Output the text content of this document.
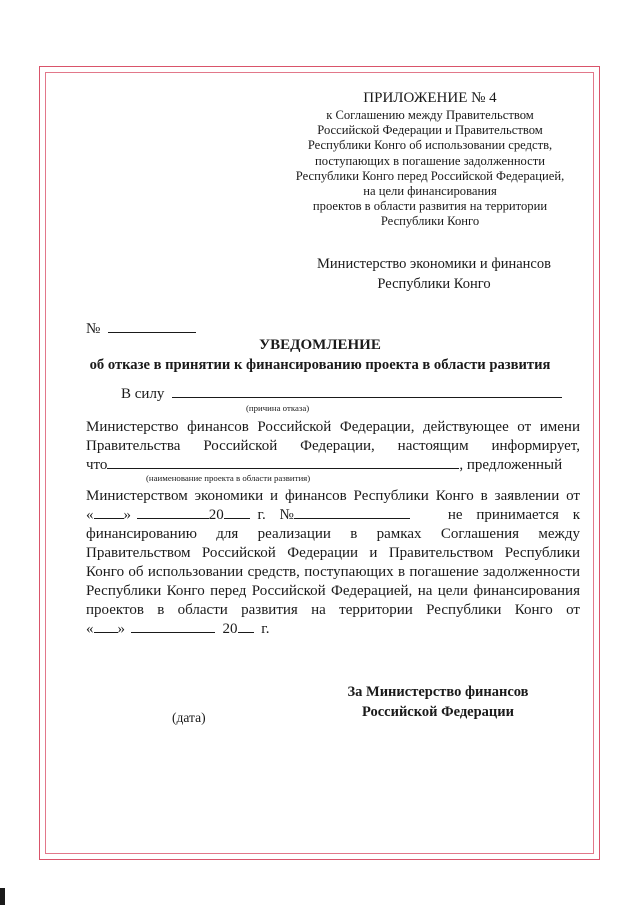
ПРИЛОЖЕНИЕ № 4
к Соглашению между Правительством
Российской Федерации и Правительством
Республики Конго об использовании средств,
поступающих в погашение задолженности
Республики Конго перед Российской Федерацией,
на цели финансирования
проектов в области развития на территории
Республики Конго
Министерство экономики и финансов
Республики Конго
№
УВЕДОМЛЕНИЕ
об отказе в принятии к финансированию проекта в области развития
В силу
(причина отказа)
Министерство финансов Российской Федерации, действующее от имени
Правительства Российской Федерации, настоящим информирует,
что	, предложенный
(наименование проекта в области развития)
Министерством экономики и финансов Республики Конго в заявлении от
« »	20 г. №	не принимается к
финансированию для реализации в рамках Соглашения между
Правительством Российской Федерации и Правительством Республики
Конго об использовании средств, поступающих в погашение задолженности
Республики Конго перед Российской Федерацией, на цели финансирования
проектов в области развития на территории Республики Конго от
« »	20 г.
За Министерство финансов
Российской Федерации
(дата)
